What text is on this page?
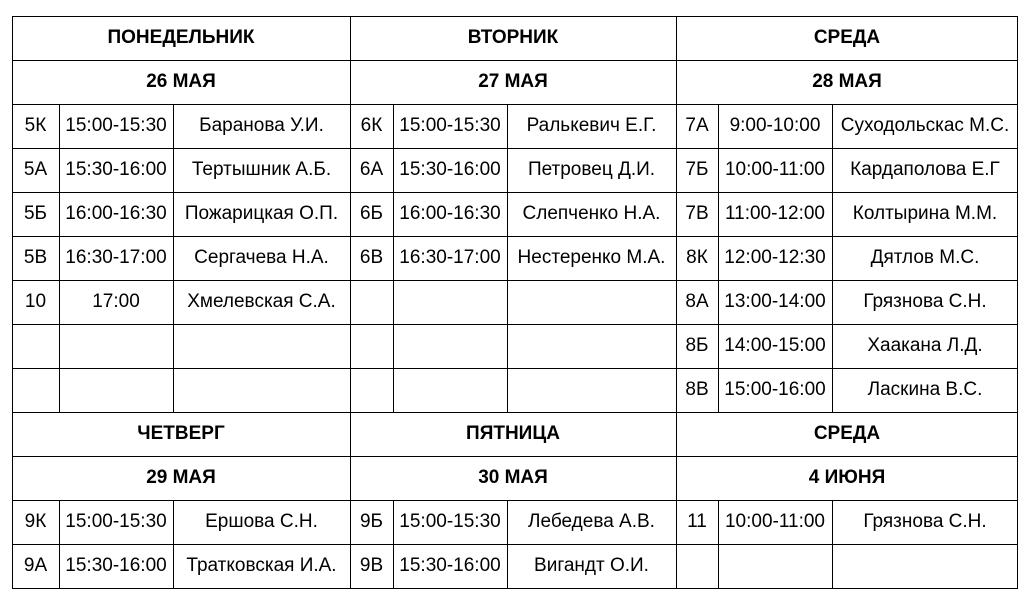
ПОНЕДЕЛЬНИК
26 МАЯ
5К 15:00-15:30	Баранова У.И.
5А 15:30-16:00	Тертышник А.Б.
5Б 16:00-16:30 Пожарицкая О.П.
5В 16:30-17:00	Сергачева Н.А.
10	17:00	Хмелевская С.А.
ВТОРНИК
27 МАЯ
6К 15:00-15:30	Ралькевич Е.Г.
6А 15:30-16:00	Петровец Д.И.
6Б 16:00-16:30	Слепченко Н.А.
6В 16:30-17:00 Нестеренко М.А.
СРЕДА
28 МАЯ
7А	9:00-10:00	Суходольскас М.С.
7Б 10:00-11:00	Кардаполова Е.Г
7В 11:00-12:00	Колтырина М.М.
8К 12:00-12:30	Дятлов М.С.
8А 13:00-14:00	Грязнова С.Н.
8Б 14:00-15:00	Хаакана Л.Д.
8В 15:00-16:00	Ласкина В.С.
ЧЕТВЕРГ
29 МАЯ
9К 15:00-15:30	Ершова С.Н.
9А 15:30-16:00	Тратковская И.А.
ПЯТНИЦА
30 МАЯ
9Б 15:00-15:30	Лебедева А.В.
9В 15:30-16:00	Вигандт О.И.
СРЕДА
4 ИЮНЯ
11 10:00-11:00	Грязнова С.Н.
